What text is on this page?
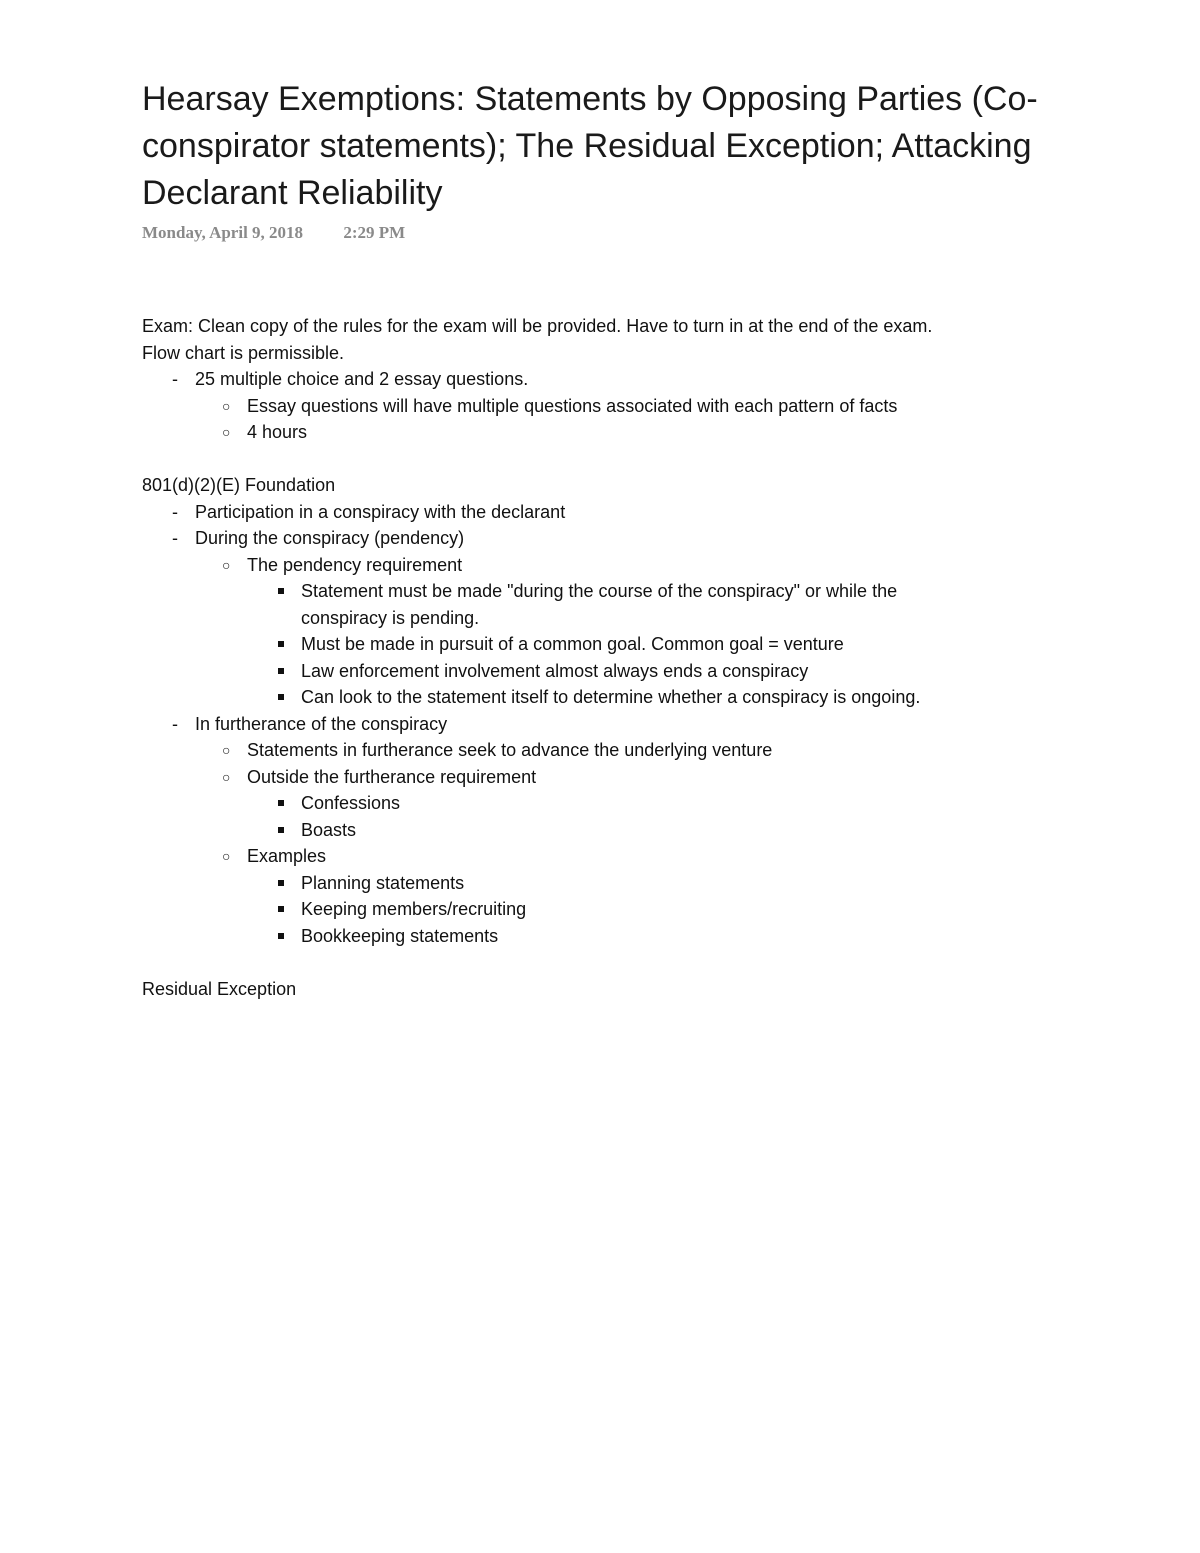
Hearsay Exemptions: Statements by Opposing Parties (Co-conspirator statements); The Residual Exception; Attacking Declarant Reliability
Monday, April 9, 2018 2:29 PM

Exam: Clean copy of the rules for the exam will be provided. Have to turn in at the end of the exam.

Flow chart is permissible.

- 25 multiple choice and 2 essay questions.
○ Essay questions will have multiple questions associated with each pattern of facts
○ 4 hours

801(d)(2)(E) Foundation

- Participation in a conspiracy with the declarant
- During the conspiracy (pendency)
○ The pendency requirement
Statement must be made "during the course of the conspiracy" or while the conspiracy is pending.
Must be made in pursuit of a common goal. Common goal = venture
Law enforcement involvement almost always ends a conspiracy
Can look to the statement itself to determine whether a conspiracy is ongoing.
- In furtherance of the conspiracy
○ Statements in furtherance seek to advance the underlying venture
○ Outside the furtherance requirement
Confessions
Boasts
○ Examples
Planning statements
Keeping members/recruiting
Bookkeeping statements

Residual Exception
